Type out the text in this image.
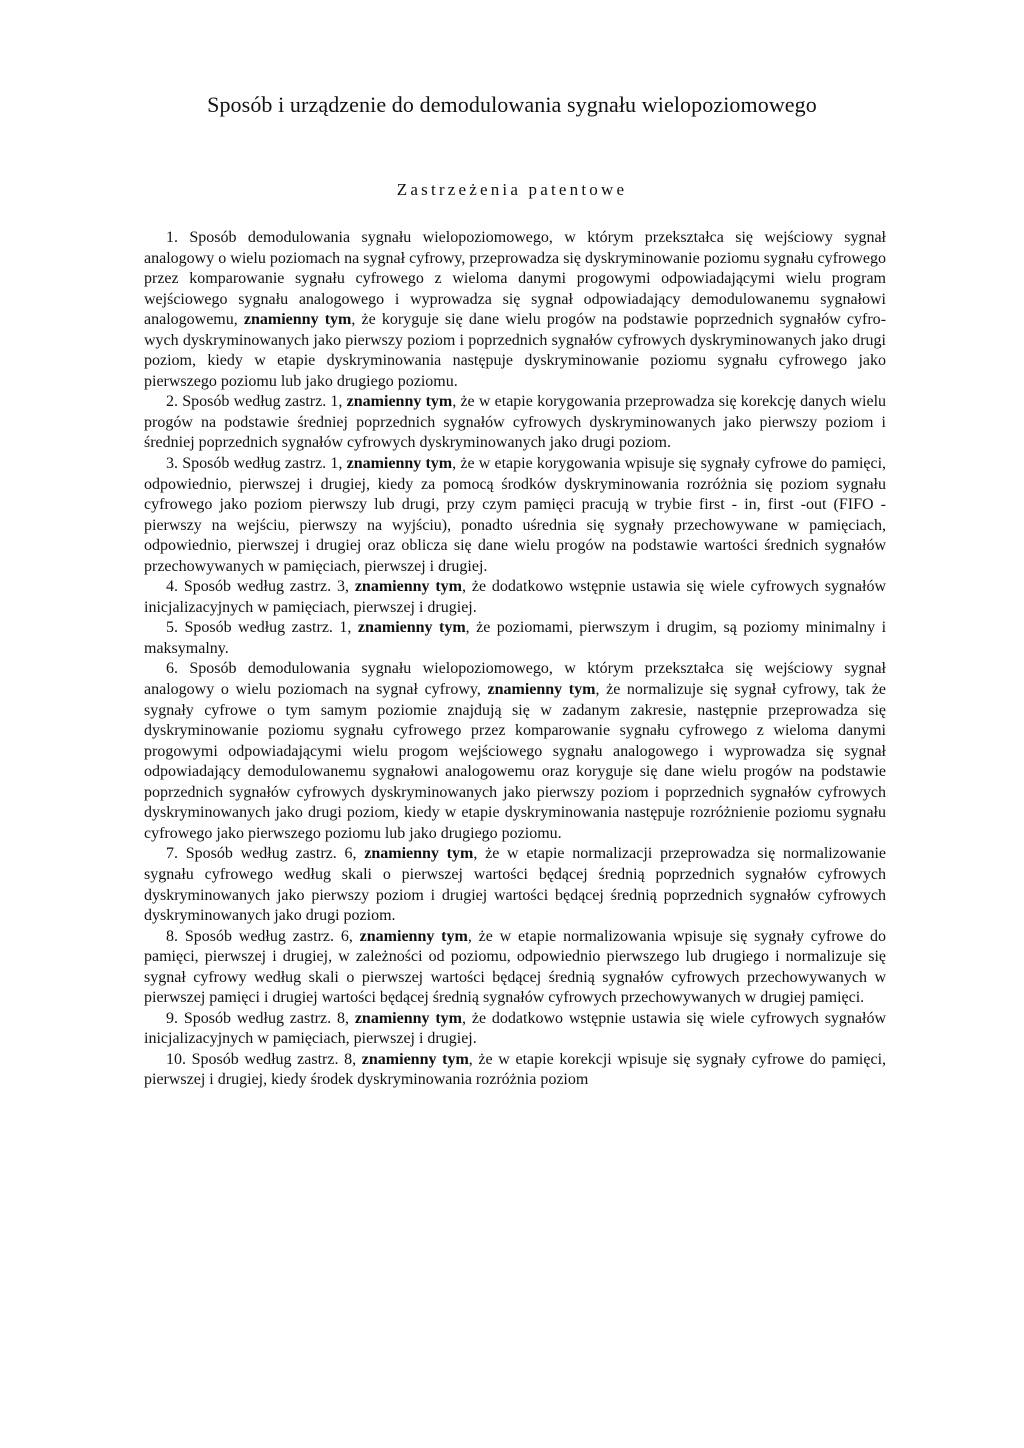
Sposób i urządzenie do demodulowania sygnału wielopoziomowego
Zastrzeżenia patentowe

1. Sposób demodulowania sygnału wielopoziomowego, w którym przekształca się wejściowy sygnał analogowy o wielu poziomach na sygnał cyfrowy, przeprowadza się dyskryminowanie poziomu sygnału cyfrowego przez komparowanie sygnału cyfrowego z wieloma danymi progowymi odpowiadającymi wielu program wejściowego sygnału analogowego i wyprowadza się sygnał odpowiadający demodulowanemu sygnałowi analogowemu, znamienny tym, że koryguje się dane wielu progów na podstawie poprzednich sygnałów cyfrowych dyskryminowanych jako pierwszy poziom i poprzednich sygnałów cyfrowych dyskryminowanych jako drugi poziom, kiedy w etapie dyskryminowania następuje dyskryminowanie poziomu sygnału cyfrowego jako pierwszego poziomu lub jako drugiego poziomu.

2. Sposób według zastrz. 1, znamienny tym, że w etapie korygowania przeprowadza się korekcję danych wielu progów na podstawie średniej poprzednich sygnałów cyfrowych dyskryminowanych jako pierwszy poziom i średniej poprzednich sygnałów cyfrowych dyskryminowanych jako drugi poziom.

3. Sposób według zastrz. 1, znamienny tym, że w etapie korygowania wpisuje się sygnały cyfrowe do pamięci, odpowiednio, pierwszej i drugiej, kiedy za pomocą środków dyskryminowania rozróżnia się poziom sygnału cyfrowego jako poziom pierwszy lub drugi, przy czym pamięci pracują w trybie first - in, first -out (FIFO - pierwszy na wejściu, pierwszy na wyjściu), ponadto uśrednia się sygnały przechowywane w pamięciach, odpowiednio, pierwszej i drugiej oraz oblicza się dane wielu progów na podstawie wartości średnich sygnałów przechowywanych w pamięciach, pierwszej i drugiej.

4. Sposób według zastrz. 3, znamienny tym, że dodatkowo wstępnie ustawia się wiele cyfrowych sygnałów inicjalizacyjnych w pamięciach, pierwszej i drugiej.

5. Sposób według zastrz. 1, znamienny tym, że poziomami, pierwszym i drugim, są poziomy minimalny i maksymalny.

6. Sposób demodulowania sygnału wielopoziomowego, w którym przekształca się wejściowy sygnał analogowy o wielu poziomach na sygnał cyfrowy, znamienny tym, że normalizuje się sygnał cyfrowy, tak że sygnały cyfrowe o tym samym poziomie znajdują się w zadanym zakresie, następnie przeprowadza się dyskryminowanie poziomu sygnału cyfrowego przez komparowanie sygnału cyfrowego z wieloma danymi progowymi odpowiadającymi wielu progom wejściowego sygnału analogowego i wyprowadza się sygnał odpowiadający demodulowanemu sygnałowi analogowemu oraz koryguje się dane wielu progów na podstawie poprzednich sygnałów cyfrowych dyskryminowanych jako pierwszy poziom i poprzednich sygnałów cyfrowych dyskryminowanych jako drugi poziom, kiedy w etapie dyskryminowania następuje rozróżnienie poziomu sygnału cyfrowego jako pierwszego poziomu lub jako drugiego poziomu.

7. Sposób według zastrz. 6, znamienny tym, że w etapie normalizacji przeprowadza się normalizowanie sygnału cyfrowego według skali o pierwszej wartości będącej średnią poprzednich sygnałów cyfrowych dyskryminowanych jako pierwszy poziom i drugiej wartości będącej średnią poprzednich sygnałów cyfrowych dyskryminowanych jako drugi poziom.

8. Sposób według zastrz. 6, znamienny tym, że w etapie normalizowania wpisuje się sygnały cyfrowe do pamięci, pierwszej i drugiej, w zależności od poziomu, odpowiednio pierwszego lub drugiego i normalizuje się sygnał cyfrowy według skali o pierwszej wartości będącej średnią sygnałów cyfrowych przechowywanych w pierwszej pamięci i drugiej wartości będącej średnią sygnałów cyfrowych przechowywanych w drugiej pamięci.

9. Sposób według zastrz. 8, znamienny tym, że dodatkowo wstępnie ustawia się wiele cyfrowych sygnałów inicjalizacyjnych w pamięciach, pierwszej i drugiej.

10. Sposób według zastrz. 8, znamienny tym, że w etapie korekcji wpisuje się sygnały cyfrowe do pamięci, pierwszej i drugiej, kiedy środek dyskryminowania rozróżnia poziom
